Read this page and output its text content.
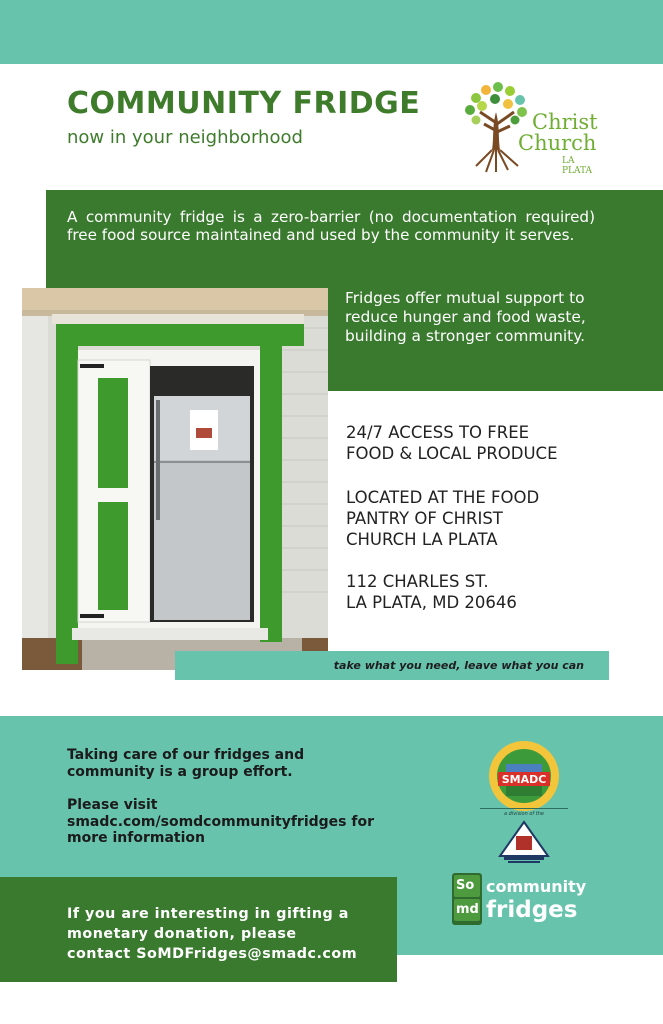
COMMUNITY FRIDGE
now in your neighborhood
Christ
Church
LA PLATA
A community fridge is a zero-barrier (no documentation required) free food source maintained and used by the community it serves.
Fridges offer mutual support to reduce hunger and food waste, building a stronger community.
24/7 ACCESS TO FREE
FOOD & LOCAL PRODUCE
LOCATED AT THE FOOD
PANTRY OF CHRIST
CHURCH LA PLATA
112 CHARLES ST.
LA PLATA, MD 20646
take what you need, leave what you can
Taking care of our fridges and
community is a group effort.
Please visit
smadc.com/somdcommunityfridges for
more information
If you are interesting in gifting a
monetary donation, please
contact SoMDFridges@smadc.com
SMADC
a division of the
So
md
community
fridges
